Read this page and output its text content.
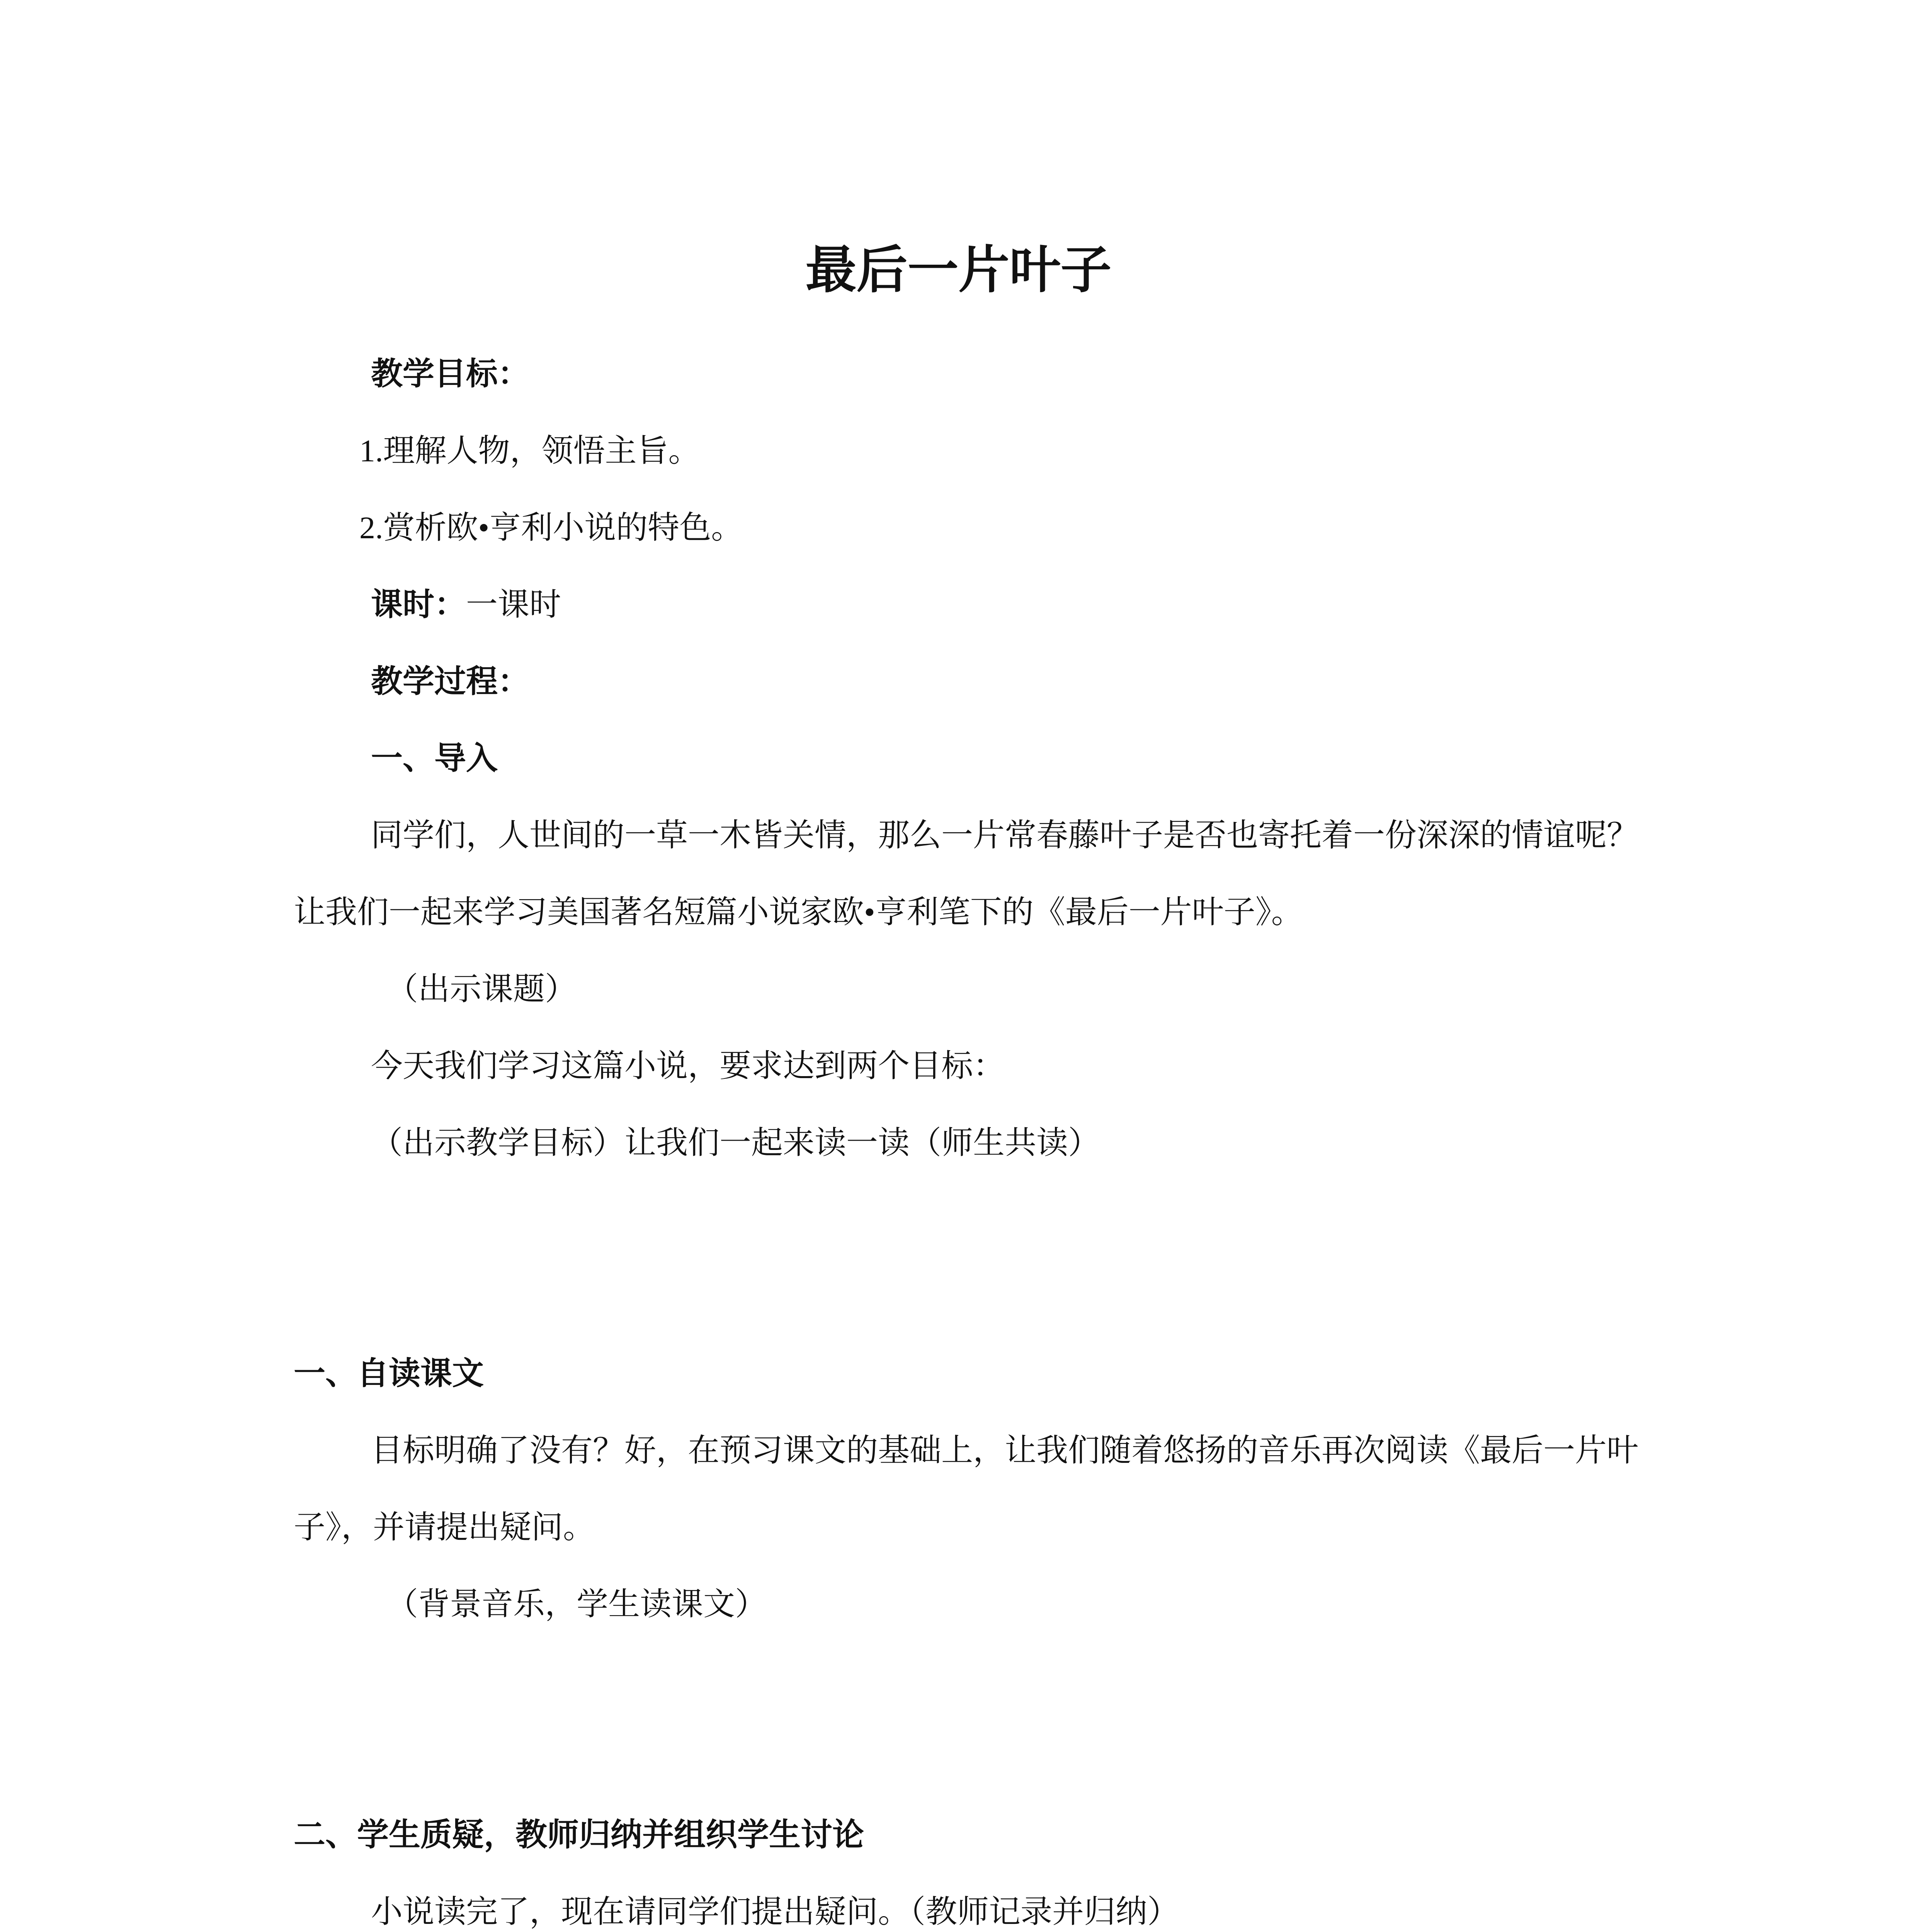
最后一片叶子

教学目标：

1.理解人物，领悟主旨。

2.赏析欧•亨利小说的特色。

课时：一课时

教学过程：

一、导入

同学们，人世间的一草一木皆关情，那么一片常春藤叶子是否也寄托着一份深深的情谊呢？让我们一起来学习美国著名短篇小说家欧•亨利笔下的《最后一片叶子》。

（出示课题）

今天我们学习这篇小说，要求达到两个目标：

（出示教学目标）让我们一起来读一读（师生共读）

一、自读课文

目标明确了没有？好，在预习课文的基础上，让我们随着悠扬的音乐再次阅读《最后一片叶子》，并请提出疑问。

（背景音乐，学生读课文）

二、学生质疑，教师归纳并组织学生讨论

小说读完了，现在请同学们提出疑问。（教师记录并归纳）
